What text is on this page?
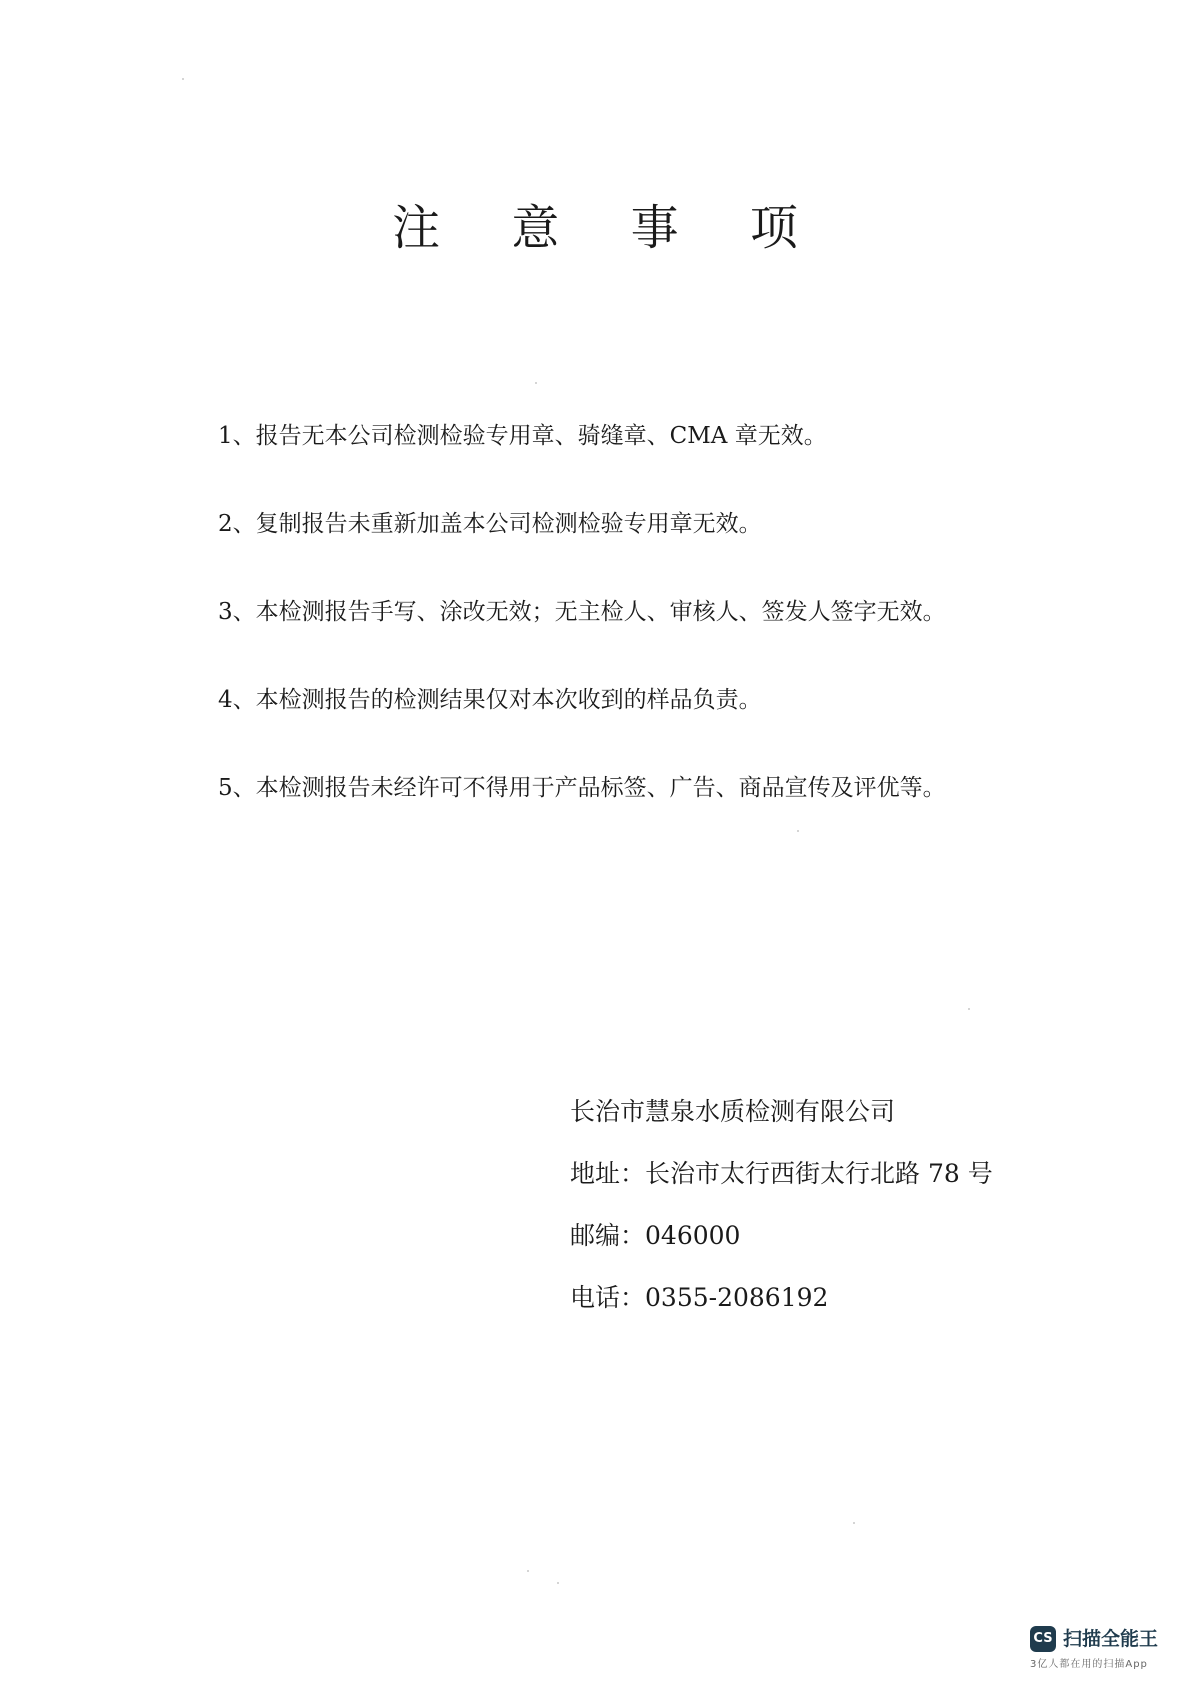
注 意 事 项
1、报告无本公司检测检验专用章、骑缝章、CMA 章无效。
2、复制报告未重新加盖本公司检测检验专用章无效。
3、本检测报告手写、涂改无效；无主检人、审核人、签发人签字无效。
4、本检测报告的检测结果仅对本次收到的样品负责。
5、本检测报告未经许可不得用于产品标签、广告、商品宣传及评优等。
长治市慧泉水质检测有限公司
地址：长治市太行西街太行北路 78 号
邮编：046000
电话：0355-2086192
CS 扫描全能王
3亿人都在用的扫描App
